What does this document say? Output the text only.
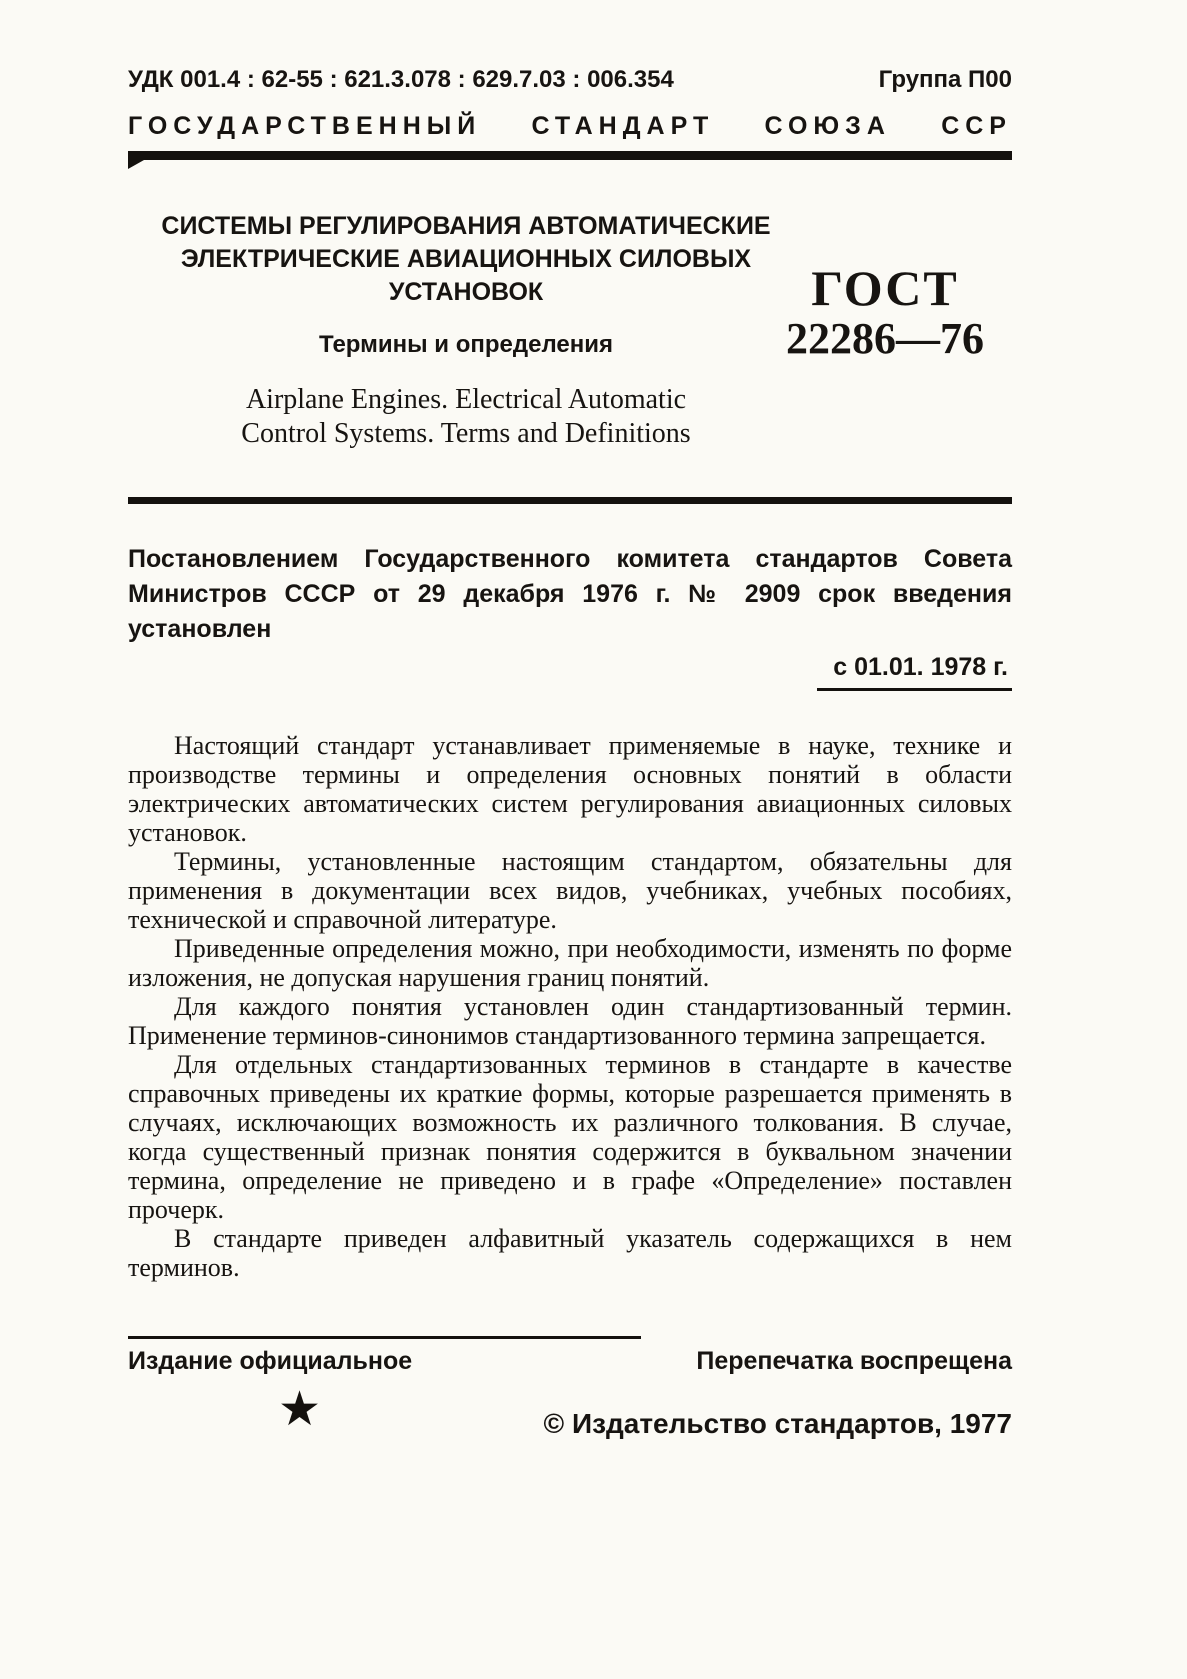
УДК 001.4 : 62-55 : 621.3.078 : 629.7.03 : 006.354	Группа П00
ГОСУДАРСТВЕННЫЙ СТАНДАРТ СОЮЗА ССР
СИСТЕМЫ РЕГУЛИРОВАНИЯ АВТОМАТИЧЕСКИЕ
ЭЛЕКТРИЧЕСКИЕ АВИАЦИОННЫХ СИЛОВЫХ
УСТАНОВОК
Термины и определения
Airplane Engines. Electrical Automatic
Control Systems. Terms and Definitions
ГОСТ
22286—76
Постановлением Государственного комитета стандартов Совета Министров СССР от 29 декабря 1976 г. № 2909 срок введения установлен
с 01.01. 1978 г.

Настоящий стандарт устанавливает применяемые в науке, технике и производстве термины и определения основных понятий в области электрических автоматических систем регулирования авиационных силовых установок.

Термины, установленные настоящим стандартом, обязательны для применения в документации всех видов, учебниках, учебных пособиях, технической и справочной литературе.

Приведенные определения можно, при необходимости, изменять по форме изложения, не допуская нарушения границ понятий.

Для каждого понятия установлен один стандартизованный термин. Применение терминов-синонимов стандартизованного термина запрещается.

Для отдельных стандартизованных терминов в стандарте в качестве справочных приведены их краткие формы, которые разрешается применять в случаях, исключающих возможность их различного толкования. В случае, когда существенный признак понятия содержится в буквальном значении термина, определение не приведено и в графе «Определение» поставлен прочерк.

В стандарте приведен алфавитный указатель содержащихся в нем терминов.

Издание официальное	Перепечатка воспрещена
★	© Издательство стандартов, 1977
